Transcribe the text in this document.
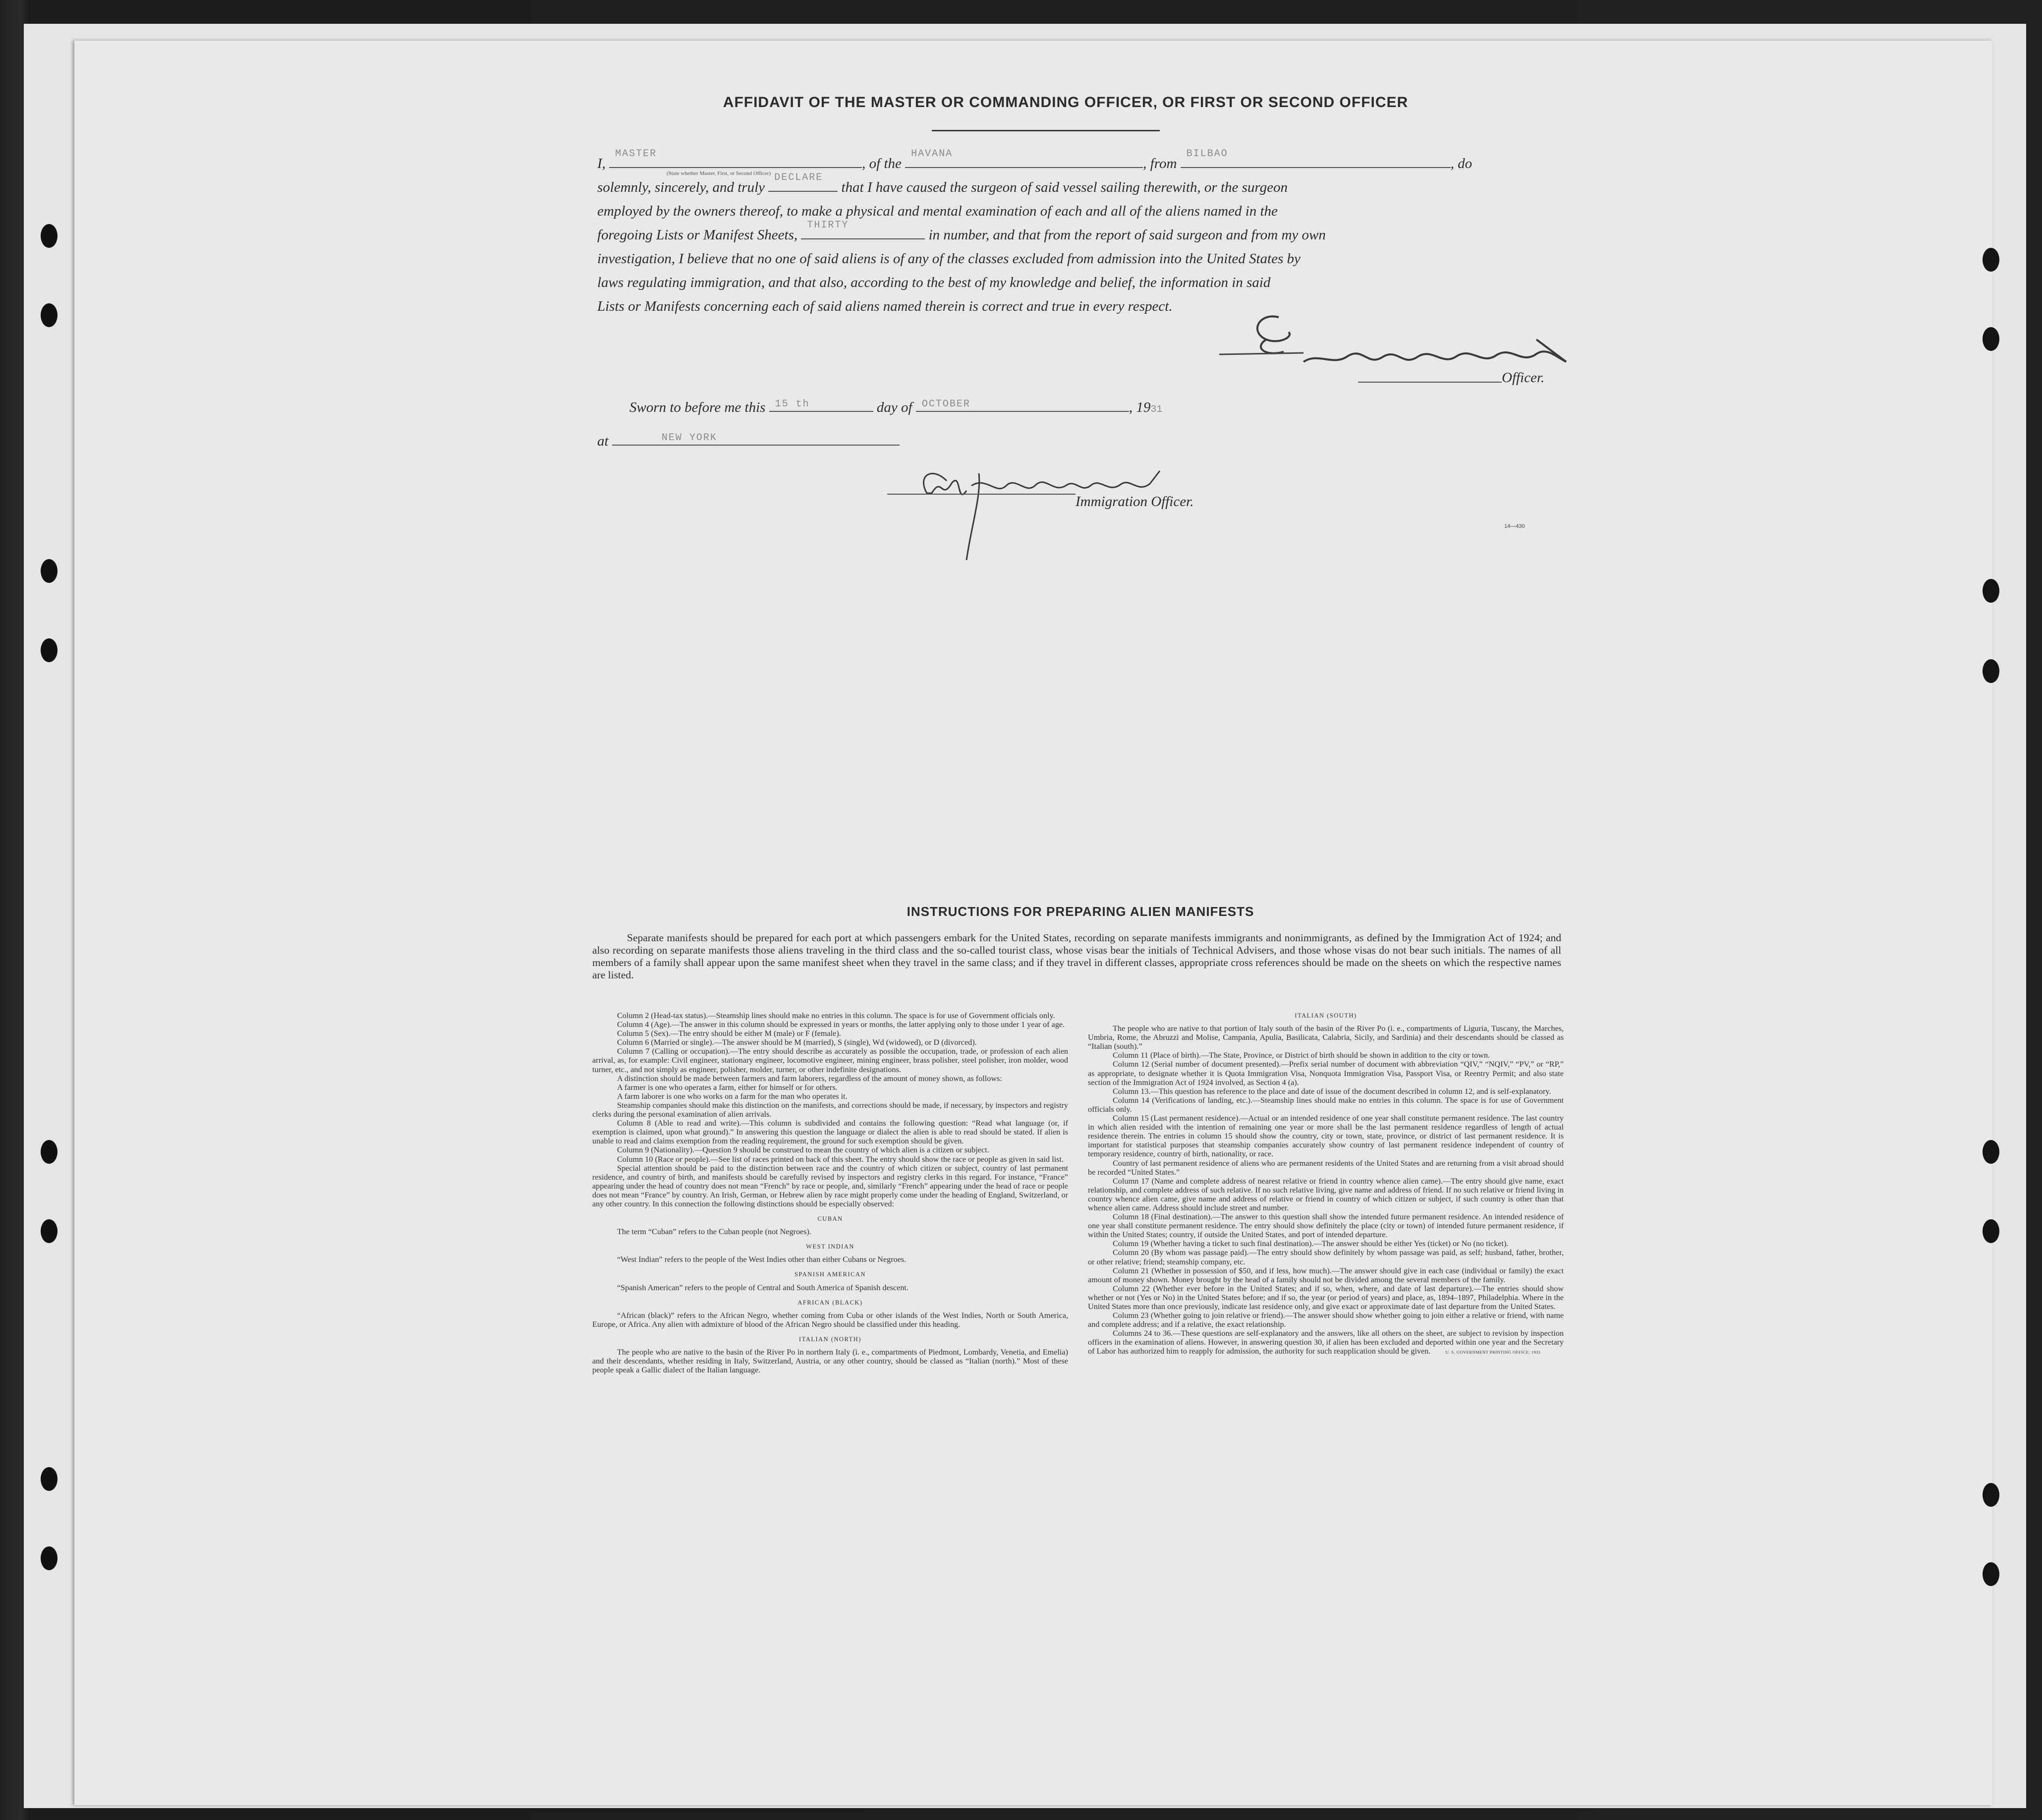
AFFIDAVIT OF THE MASTER OR COMMANDING OFFICER, OR FIRST OR SECOND OFFICER
I,
MASTER
, of the
HAVANA
, from
BILBAO
, do
solemnly, sincerely, and truly
DECLARE
that I have caused the surgeon of said vessel sailing therewith, or the surgeon
employed by the owners thereof, to make a physical and mental examination of each and all of the aliens named in the
foregoing Lists or Manifest Sheets,
THIRTY
in number, and that from the report of said surgeon and from my own
investigation, I believe that no one of said aliens is of any of the classes excluded from admission into the United States by
laws regulating immigration, and that also, according to the best of my knowledge and belief, the information in said
Lists or Manifests concerning each of said aliens named therein is correct and true in every respect.
(State whether Master, First, or Second Officer)
Officer.
Sworn to before me this 15 th	day of OCTOBER	, 1931
at	NEW YORK
Immigration Officer.
14—430
INSTRUCTIONS FOR PREPARING ALIEN MANIFESTS
Separate manifests should be prepared for each port at which passengers embark for the United States, recording on separate manifests immigrants and nonimmigrants, as defined by the Immigration Act of 1924; and also recording on separate manifests those aliens traveling in the third class and the so-called tourist class, whose visas bear the initials of Technical Advisers, and those whose visas do not bear such initials. The names of all members of a family shall appear upon the same manifest sheet when they travel in the same class; and if they travel in different classes, appropriate cross references should be made on the sheets on which the respective names are listed.

Column 2 (Head-tax status).—Steamship lines should make no entries in this column. The space is for use of Government officials only.

Column 4 (Age).—The answer in this column should be expressed in years or months, the latter applying only to those under 1 year of age.

Column 5 (Sex).—The entry should be either M (male) or F (female).

Column 6 (Married or single).—The answer should be M (married), S (single), Wd (widowed), or D (divorced).

Column 7 (Calling or occupation).—The entry should describe as accurately as possible the occupation, trade, or profession of each alien arrival, as, for example: Civil engineer, stationary engineer, locomotive engineer, mining engineer, brass polisher, steel polisher, iron molder, wood turner, etc., and not simply as engineer, polisher, molder, turner, or other indefinite designations.

A distinction should be made between farmers and farm laborers, regardless of the amount of money shown, as follows:

A farmer is one who operates a farm, either for himself or for others.

A farm laborer is one who works on a farm for the man who operates it.

Steamship companies should make this distinction on the manifests, and corrections should be made, if necessary, by inspectors and registry clerks during the personal examination of alien arrivals.

Column 8 (Able to read and write).—This column is subdivided and contains the following question: “Read what language (or, if exemption is claimed, upon what ground).” In answering this question the language or dialect the alien is able to read should be stated. If alien is unable to read and claims exemption from the reading requirement, the ground for such exemption should be given.

Column 9 (Nationality).—Question 9 should be construed to mean the country of which alien is a citizen or subject.

Column 10 (Race or people).—See list of races printed on back of this sheet. The entry should show the race or people as given in said list.

Special attention should be paid to the distinction between race and the country of which citizen or subject, country of last permanent residence, and country of birth, and manifests should be carefully revised by inspectors and registry clerks in this regard. For instance, “France” appearing under the head of country does not mean “French” by race or people, and, similarly “French” appearing under the head of race or people does not mean “France” by country. An Irish, German, or Hebrew alien by race might properly come under the heading of England, Switzerland, or any other country. In this connection the following distinctions should be especially observed:

CUBAN

The term “Cuban” refers to the Cuban people (not Negroes).

WEST INDIAN

“West Indian” refers to the people of the West Indies other than either Cubans or Negroes.

SPANISH AMERICAN

“Spanish American” refers to the people of Central and South America of Spanish descent.

AFRICAN (BLACK)

“African (black)” refers to the African Negro, whether coming from Cuba or other islands of the West Indies, North or South America, Europe, or Africa. Any alien with admixture of blood of the African Negro should be classified under this heading.

ITALIAN (NORTH)

The people who are native to the basin of the River Po in northern Italy (i. e., compartments of Piedmont, Lombardy, Venetia, and Emelia) and their descendants, whether residing in Italy, Switzerland, Austria, or any other country, should be classed as “Italian (north).” Most of these people speak a Gallic dialect of the Italian language.

ITALIAN (SOUTH)

The people who are native to that portion of Italy south of the basin of the River Po (i. e., compartments of Liguria, Tuscany, the Marches, Umbria, Rome, the Abruzzi and Molise, Campania, Apulia, Basilicata, Calabria, Sicily, and Sardinia) and their descendants should be classed as “Italian (south).”

Column 11 (Place of birth).—The State, Province, or District of birth should be shown in addition to the city or town.

Column 12 (Serial number of document presented).—Prefix serial number of document with abbreviation “QIV,” “NQIV,” “PV,” or “RP,” as appropriate, to designate whether it is Quota Immigration Visa, Nonquota Immigration Visa, Passport Visa, or Reentry Permit; and also state section of the Immigration Act of 1924 involved, as Section 4 (a).

Column 13.—This question has reference to the place and date of issue of the document described in column 12, and is self-explanatory.

Column 14 (Verifications of landing, etc.).—Steamship lines should make no entries in this column. The space is for use of Government officials only.

Column 15 (Last permanent residence).—Actual or an intended residence of one year shall constitute permanent residence. The last country in which alien resided with the intention of remaining one year or more shall be the last permanent residence regardless of length of actual residence therein. The entries in column 15 should show the country, city or town, state, province, or district of last permanent residence. It is important for statistical purposes that steamship companies accurately show country of last permanent residence independent of country of temporary residence, country of birth, nationality, or race.

Country of last permanent residence of aliens who are permanent residents of the United States and are returning from a visit abroad should be recorded “United States.”

Column 17 (Name and complete address of nearest relative or friend in country whence alien came).—The entry should give name, exact relationship, and complete address of such relative. If no such relative living, give name and address of friend. If no such relative or friend living in country whence alien came, give name and address of relative or friend in country of which citizen or subject, if such country is other than that whence alien came. Address should include street and number.

Column 18 (Final destination).—The answer to this question shall show the intended future permanent residence. An intended residence of one year shall constitute permanent residence. The entry should show definitely the place (city or town) of intended future permanent residence, if within the United States; country, if outside the United States, and port of intended departure.

Column 19 (Whether having a ticket to such final destination).—The answer should be either Yes (ticket) or No (no ticket).

Column 20 (By whom was passage paid).—The entry should show definitely by whom passage was paid, as self; husband, father, brother, or other relative; friend; steamship company, etc.

Column 21 (Whether in possession of $50, and if less, how much).—The answer should give in each case (individual or family) the exact amount of money shown. Money brought by the head of a family should not be divided among the several members of the family.

Column 22 (Whether ever before in the United States; and if so, when, where, and date of last departure).—The entries should show whether or not (Yes or No) in the United States before; and if so, the year (or period of years) and place, as, 1894–1897, Philadelphia. Where in the United States more than once previously, indicate last residence only, and give exact or approximate date of last departure from the United States.

Column 23 (Whether going to join relative or friend).—The answer should show whether going to join either a relative or friend, with name and complete address; and if a relative, the exact relationship.

Columns 24 to 36.—These questions are self-explanatory and the answers, like all others on the sheet, are subject to revision by inspection officers in the examination of aliens. However, in answering question 30, if alien has been excluded and deported within one year and the Secretary of Labor has authorized him to reapply for admission, the authority for such reapplication should be given.	U. S. GOVERNMENT PRINTING OFFICE: 1931
